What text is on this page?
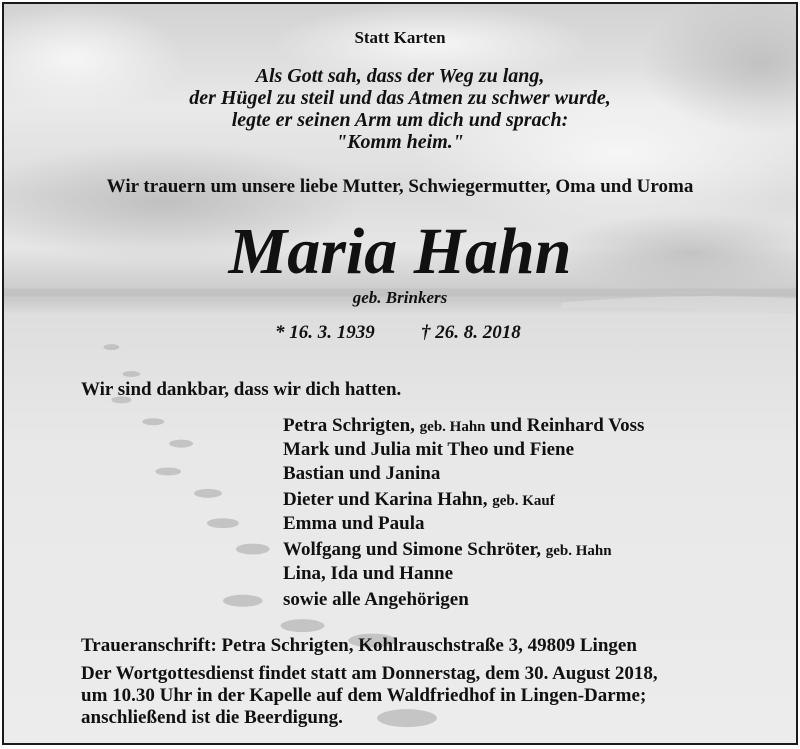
Statt Karten
Als Gott sah, dass der Weg zu lang,
der Hügel zu steil und das Atmen zu schwer wurde,
legte er seinen Arm um dich und sprach:
"Komm heim."
Wir trauern um unsere liebe Mutter, Schwiegermutter, Oma und Uroma
Maria Hahn
geb. Brinkers
* 16. 3. 1939 † 26. 8. 2018
Wir sind dankbar, dass wir dich hatten.
Petra Schrigten, geb. Hahn und Reinhard Voss
Mark und Julia mit Theo und Fiene
Bastian und Janina
Dieter und Karina Hahn, geb. Kauf
Emma und Paula
Wolfgang und Simone Schröter, geb. Hahn
Lina, Ida und Hanne
sowie alle Angehörigen
Traueranschrift: Petra Schrigten, Kohlrauschstraße 3, 49809 Lingen
Der Wortgottesdienst findet statt am Donnerstag, dem 30. August 2018,
um 10.30 Uhr in der Kapelle auf dem Waldfriedhof in Lingen-Darme;
anschließend ist die Beerdigung.
